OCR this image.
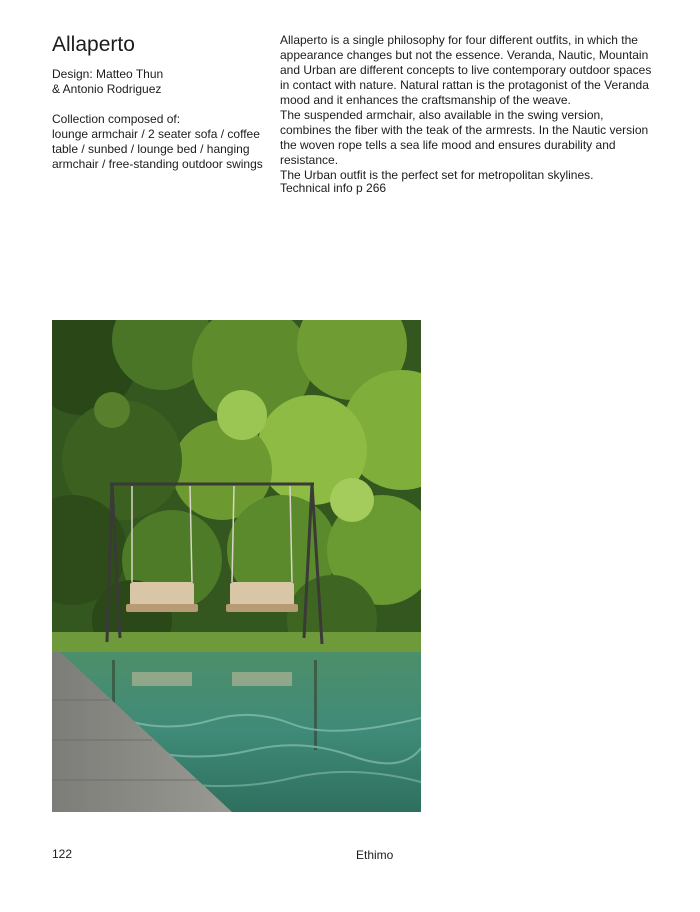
Allaperto
Design: Matteo Thun
& Antonio Rodriguez
Collection composed of:
lounge armchair / 2 seater sofa / coffee table / sunbed / lounge bed / hanging armchair / free-standing outdoor swings

Allaperto is a single philosophy for four different outfits, in which the appearance changes but not the essence. Veranda, Nautic, Mountain and Urban are different concepts to live contemporary outdoor spaces in contact with nature. Natural rattan is the protagonist of the Veranda mood and it enhances the craftsmanship of the weave.

The suspended armchair, also available in the swing version, combines the fiber with the teak of the armrests. In the Nautic version the woven rope tells a sea life mood and ensures durability and resistance.

The Urban outfit is the perfect set for metropolitan skylines.

Technical info p 266

122	Ethimo
